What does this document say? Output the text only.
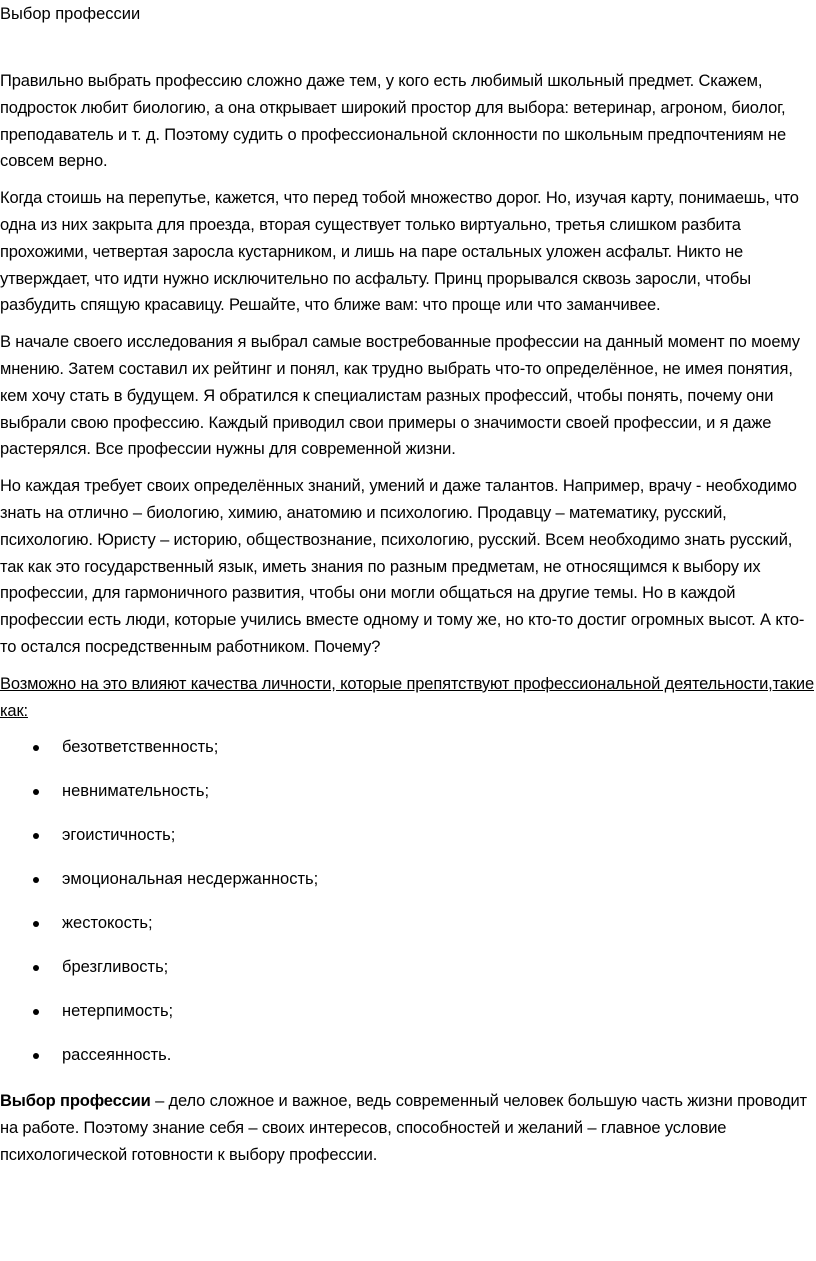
Выбор профессии

Правильно выбрать профессию сложно даже тем, у кого есть любимый школьный предмет. Скажем, подросток любит биологию, а она открывает широкий простор для выбора: ветеринар, агроном, биолог, преподаватель и т. д. Поэтому судить о профессиональной склонности по школьным предпочтениям не совсем верно.

Когда стоишь на перепутье, кажется, что перед тобой множество дорог. Но, изучая карту, понимаешь, что одна из них закрыта для проезда, вторая существует только виртуально, третья слишком разбита прохожими, четвертая заросла кустарником, и лишь на паре остальных уложен асфальт. Никто не утверждает, что идти нужно исключительно по асфальту. Принц прорывался сквозь заросли, чтобы разбудить спящую красавицу. Решайте, что ближе вам: что проще или что заманчивее.

В начале своего исследования я выбрал самые востребованные профессии на данный момент по моему мнению. Затем составил их рейтинг и понял, как трудно выбрать что-то определённое, не имея понятия, кем хочу стать в будущем. Я обратился к специалистам разных профессий, чтобы понять, почему они выбрали свою профессию. Каждый приводил свои примеры о значимости своей профессии, и я даже растерялся. Все профессии нужны для современной жизни.

Но каждая требует своих определённых знаний, умений и даже талантов. Например, врачу - необходимо знать на отлично – биологию, химию, анатомию и психологию. Продавцу – математику, русский, психологию. Юристу – историю, обществознание, психологию, русский. Всем необходимо знать русский, так как это государственный язык, иметь знания по разным предметам, не относящимся к выбору их профессии, для гармоничного развития, чтобы они могли общаться на другие темы. Но в каждой профессии есть люди, которые учились вместе одному и тому же, но кто-то достиг огромных высот. А кто-то остался посредственным работником. Почему?

Возможно на это влияют качества личности, которые препятствуют профессиональной деятельности,такие как:

безответственность;
невнимательность;
эгоистичность;
эмоциональная несдержанность;
жестокость;
брезгливость;
нетерпимость;
рассеянность.

Выбор профессии – дело сложное и важное, ведь современный человек большую часть жизни проводит на работе. Поэтому знание себя – своих интересов, способностей и желаний – главное условие психологической готовности к выбору профессии.
